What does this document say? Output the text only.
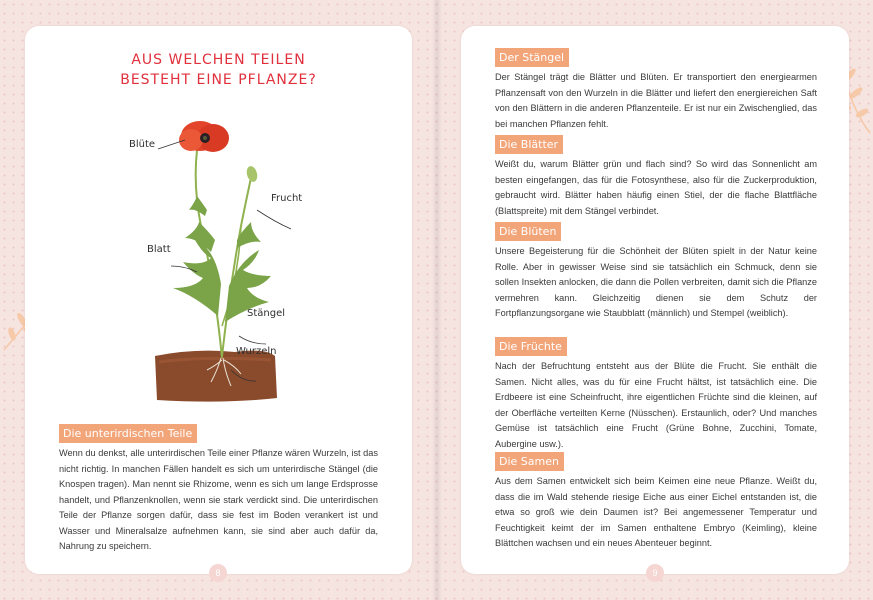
AUS WELCHEN TEILEN
BESTEHT EINE PFLANZE?
Blüte
Frucht
Blatt
Stängel
Wurzeln
Die unterirdischen Teile

Wenn du denkst, alle unterirdischen Teile einer Pflanze wären Wurzeln, ist das nicht richtig. In manchen Fällen handelt es sich um unterirdische Stängel (die Knospen tragen). Man nennt sie Rhizome, wenn es sich um lange Erdsprosse handelt, und Pflanzenknollen, wenn sie stark verdickt sind. Die unterirdischen Teile der Pflanze sorgen dafür, dass sie fest im Boden verankert ist und Wasser und Mineralsalze aufnehmen kann, sie sind aber auch dafür da, Nahrung zu speichern.

8
Der Stängel

Der Stängel trägt die Blätter und Blüten. Er transportiert den energiearmen Pflanzensaft von den Wurzeln in die Blätter und liefert den energiereichen Saft von den Blättern in die anderen Pflanzenteile. Er ist nur ein Zwischenglied, das bei manchen Pflanzen fehlt.

Die Blätter

Weißt du, warum Blätter grün und flach sind? So wird das Sonnenlicht am besten eingefangen, das für die Fotosynthese, also für die Zuckerproduktion, gebraucht wird. Blätter haben häufig einen Stiel, der die flache Blattfläche (Blattspreite) mit dem Stängel verbindet.

Die Blüten

Unsere Begeisterung für die Schönheit der Blüten spielt in der Natur keine Rolle. Aber in gewisser Weise sind sie tatsächlich ein Schmuck, denn sie sollen Insekten anlocken, die dann die Pollen verbreiten, damit sich die Pflanze vermehren kann. Gleichzeitig dienen sie dem Schutz der Fortpflanzungsorgane wie Staubblatt (männlich) und Stempel (weiblich).

Die Früchte

Nach der Befruchtung entsteht aus der Blüte die Frucht. Sie enthält die Samen. Nicht alles, was du für eine Frucht hältst, ist tatsächlich eine. Die Erdbeere ist eine Scheinfrucht, ihre eigentlichen Früchte sind die kleinen, auf der Oberfläche verteilten Kerne (Nüsschen). Erstaunlich, oder? Und manches Gemüse ist tatsächlich eine Frucht (Grüne Bohne, Zucchini, Tomate, Aubergine usw.).

Die Samen

Aus dem Samen entwickelt sich beim Keimen eine neue Pflanze. Weißt du, dass die im Wald stehende riesige Eiche aus einer Eichel entstanden ist, die etwa so groß wie dein Daumen ist? Bei angemessener Temperatur und Feuchtigkeit keimt der im Samen enthaltene Embryo (Keimling), kleine Blättchen wachsen und ein neues Abenteuer beginnt.

9
